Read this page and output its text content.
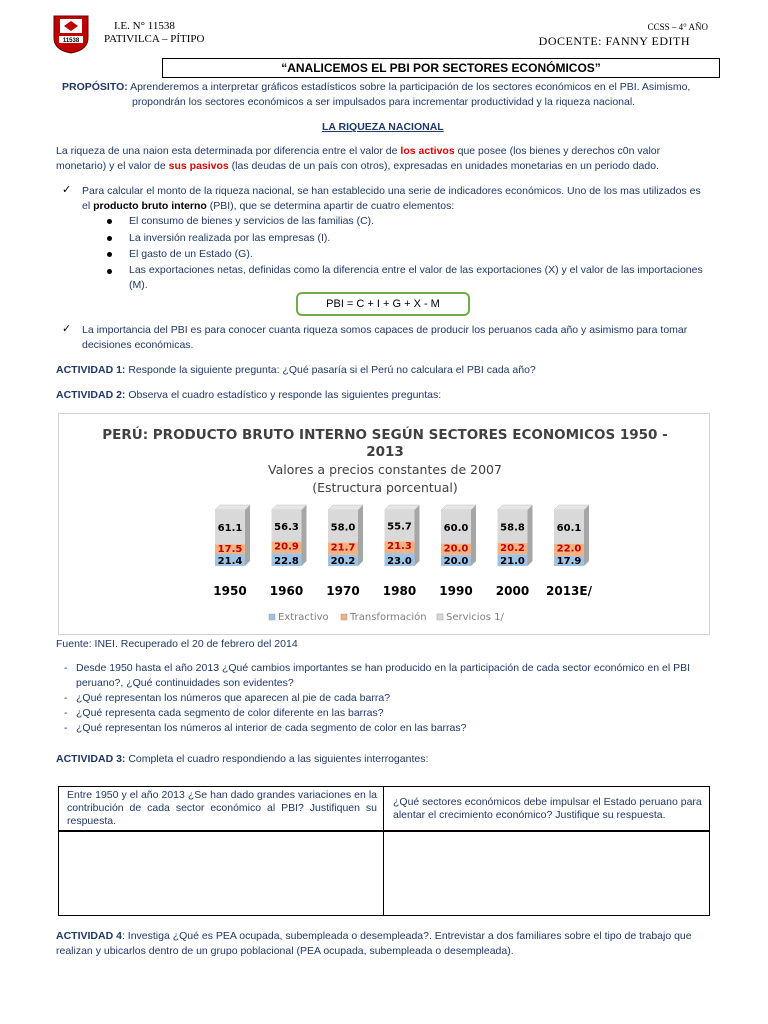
11538
I.E. N° 11538
PATIVILCA – PÍTIPO
CCSS – 4° AÑO
DOCENTE: FANNY EDITH
“ANALICEMOS EL PBI POR SECTORES ECONÓMICOS”
PROPÓSITO: Aprenderemos a interpretar gráficos estadísticos sobre la participación de los sectores económicos en el PBI. Asimismo,
propondrán los sectores económicos a ser impulsados para incrementar productividad y la riqueza nacional.
LA RIQUEZA NACIONAL
La riqueza de una naion esta determinada por diferencia entre el valor de los activos que posee (los bienes y derechos c0n valor
monetario) y el valor de sus pasivos (las deudas de un país con otros), expresadas en unidades monetarias en un periodo dado.
✓ Para calcular el monto de la riqueza nacional, se han establecido una serie de indicadores económicos. Uno de los mas utilizados es
el producto bruto interno (PBI), que se determina apartir de cuatro elementos:
El consumo de bienes y servicios de las familias (C).
La inversión realizada por las empresas (I).
El gasto de un Estado (G).
Las exportaciones netas, definidas como la diferencia entre el valor de las exportaciones (X) y el valor de las importaciones
(M).
PBI = C + I + G + X - M
✓ La importancia del PBI es para conocer cuanta riqueza somos capaces de producir los peruanos cada año y asimismo para tomar
decisiones económicas.
ACTIVIDAD 1: Responde la siguiente pregunta: ¿Qué pasaría si el Perú no calculara el PBI cada año?
ACTIVIDAD 2: Observa el cuadro estadístico y responde las siguientes preguntas:
PERÚ: PRODUCTO BRUTO INTERNO SEGÚN SECTORES ECONOMICOS 1950 -
2013
Valores a precios constantes de 2007
(Estructura porcentual)
21.4
17.5
61.1
1950
22.8
20.9
56.3
1960
20.2
21.7
58.0
1970
23.0
21.3
55.7
1980
20.0
20.0
60.0
1990
21.0
20.2
58.8
2000
17.9
22.0
60.1
2013E/
Extractivo Transformación Servicios 1/
Fuente: INEI. Recuperado el 20 de febrero del 2014
- Desde 1950 hasta el año 2013 ¿Qué cambios importantes se han producido en la participación de cada sector económico en el PBI
peruano?, ¿Qué continuidades son evidentes?
- ¿Qué representan los números que aparecen al pie de cada barra?
- ¿Qué representa cada segmento de color diferente en las barras?
- ¿Qué representan los números al interior de cada segmento de color en las barras?
ACTIVIDAD 3: Completa el cuadro respondiendo a las siguientes interrogantes:
Entre 1950 y el año 2013 ¿Se han dado grandes variaciones en la contribución de cada sector económico al PBI? Justifiquen su respuesta.
¿Qué sectores económicos debe impulsar el Estado peruano para alentar el crecimiento económico? Justifique su respuesta.
ACTIVIDAD 4: Investiga ¿Qué es PEA ocupada, subempleada o desempleada?. Entrevistar a dos familiares sobre el tipo de trabajo que
realizan y ubicarlos dentro de un grupo poblacional (PEA ocupada, subempleada o desempleada).
